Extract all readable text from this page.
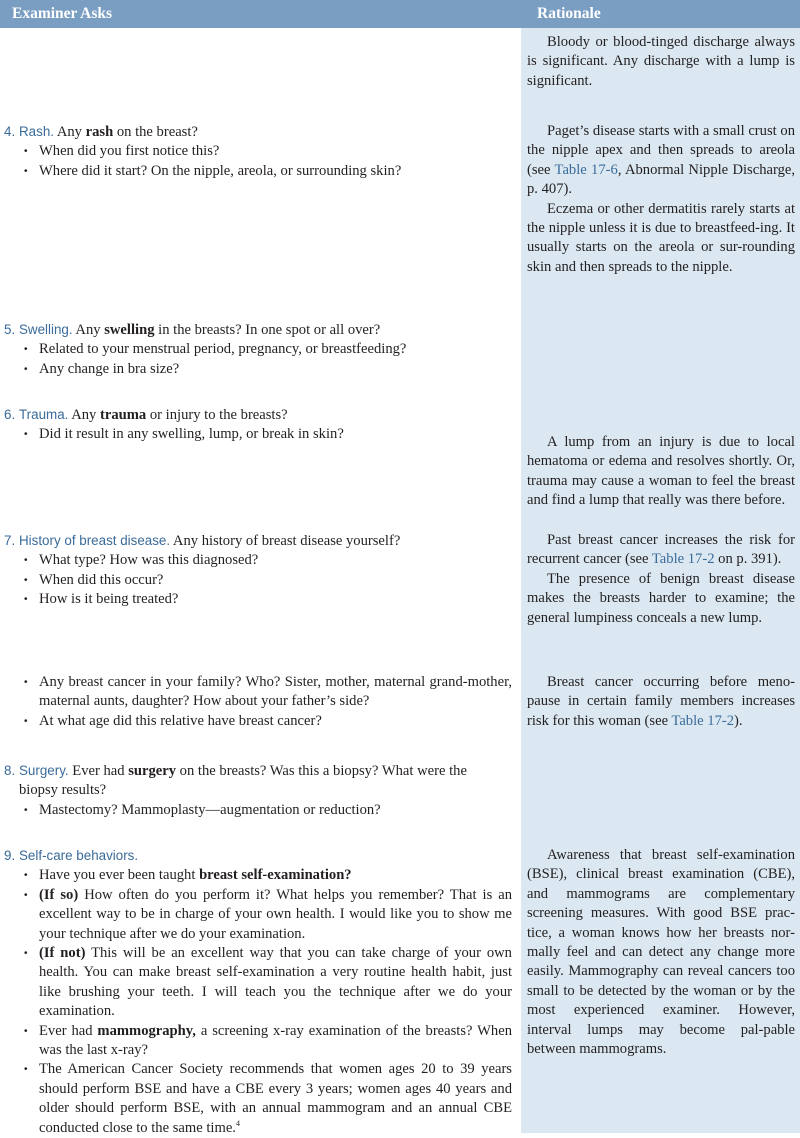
Examiner Asks	Rationale
4. Rash. Any rash on the breast?
• When did you first notice this?
• Where did it start? On the nipple, areola, or surrounding skin?
5. Swelling. Any swelling in the breasts? In one spot or all over?
• Related to your menstrual period, pregnancy, or breastfeeding?
• Any change in bra size?
6. Trauma. Any trauma or injury to the breasts?
• Did it result in any swelling, lump, or break in skin?
7. History of breast disease. Any history of breast disease yourself?
• What type? How was this diagnosed?
• When did this occur?
• How is it being treated?
• Any breast cancer in your family? Who? Sister, mother, maternal grand-mother, maternal aunts, daughter? How about your father’s side?
• At what age did this relative have breast cancer?
8. Surgery. Ever had surgery on the breasts? Was this a biopsy? What were the
biopsy results?
• Mastectomy? Mammoplasty—augmentation or reduction?
9. Self-care behaviors.
• Have you ever been taught breast self-examination?
• (If so) How often do you perform it? What helps you remember? That is an excellent way to be in charge of your own health. I would like you to show me your technique after we do your examination.
• (If not) This will be an excellent way that you can take charge of your own health. You can make breast self-examination a very routine health habit, just like brushing your teeth. I will teach you the technique after we do your examination.
• Ever had mammography, a screening x-ray examination of the breasts? When was the last x-ray?
• The American Cancer Society recommends that women ages 20 to 39 years should perform BSE and have a CBE every 3 years; women ages 40 years and older should perform BSE, with an annual mammogram and an annual CBE conducted close to the same time.$^4$

Bloody or blood-tinged discharge always is significant. Any discharge with a lump is significant.

Paget’s disease starts with a small crust on the nipple apex and then spreads to areola (see Table 17-6, Abnormal Nipple Discharge, p. 407).

Eczema or other dermatitis rarely starts at the nipple unless it is due to breastfeed-ing. It usually starts on the areola or sur-rounding skin and then spreads to the nipple.

A lump from an injury is due to local hematoma or edema and resolves shortly. Or, trauma may cause a woman to feel the breast and find a lump that really was there before.

Past breast cancer increases the risk for recurrent cancer (see Table 17-2 on p. 391).

The presence of benign breast disease makes the breasts harder to examine; the general lumpiness conceals a new lump.

Breast cancer occurring before meno-pause in certain family members increases risk for this woman (see Table 17-2).

Awareness that breast self-examination (BSE), clinical breast examination (CBE), and mammograms are complementary screening measures. With good BSE prac-tice, a woman knows how her breasts nor-mally feel and can detect any change more easily. Mammography can reveal cancers too small to be detected by the woman or by the most experienced examiner. However, interval lumps may become pal-pable between mammograms.
